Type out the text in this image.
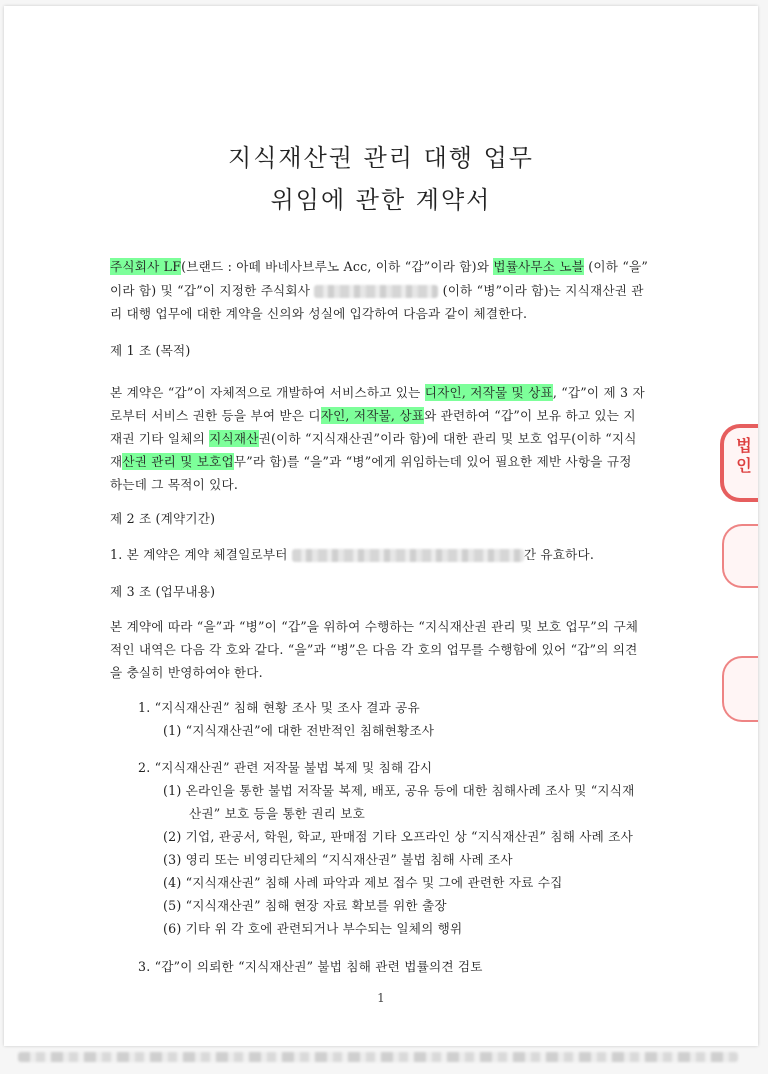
지식재산권 관리 대행 업무
위임에 관한 계약서
주식회사 LF(브랜드 : 아떼 바네사브루노 Acc, 이하 “갑”이라 함)와 법률사무소 노블 (이하 “을”
이라 함) 및 “갑”이 지정한 주식회사	(이하 “병”이라 함)는 지식재산권 관
리 대행 업무에 대한 계약을 신의와 성실에 입각하여 다음과 같이 체결한다.
제 1 조 (목적)
본 계약은 “갑”이 자체적으로 개발하여 서비스하고 있는 디자인, 저작물 및 상표, “갑”이 제 3 자
로부터 서비스 권한 등을 부여 받은 디자인, 저작물, 상표와 관련하여 “갑”이 보유 하고 있는 지
재권 기타 일체의 지식재산권(이하 “지식재산권”이라 함)에 대한 관리 및 보호 업무(이하 “지식
재산권 관리 및 보호업무”라 함)를 “을”과 “병”에게 위임하는데 있어 필요한 제반 사항을 규정
하는데 그 목적이 있다.
제 2 조 (계약기간)
1. 본 계약은 계약 체결일로부터	간 유효하다.
제 3 조 (업무내용)
본 계약에 따라 “을”과 “병”이 “갑”을 위하여 수행하는 “지식재산권 관리 및 보호 업무”의 구체
적인 내역은 다음 각 호와 같다. “을”과 “병”은 다음 각 호의 업무를 수행함에 있어 “갑”의 의견
을 충실히 반영하여야 한다.
1. “지식재산권” 침해 현황 조사 및 조사 결과 공유
(1) “지식재산권”에 대한 전반적인 침해현황조사
2. “지식재산권” 관련 저작물 불법 복제 및 침해 감시
(1) 온라인을 통한 불법 저작물 복제, 배포, 공유 등에 대한 침해사례 조사 및 “지식재
산권” 보호 등을 통한 권리 보호
(2) 기업, 관공서, 학원, 학교, 판매점 기타 오프라인 상 “지식재산권” 침해 사례 조사
(3) 영리 또는 비영리단체의 “지식재산권” 불법 침해 사례 조사
(4) “지식재산권” 침해 사례 파악과 제보 접수 및 그에 관련한 자료 수집
(5) “지식재산권” 침해 현장 자료 확보를 위한 출장
(6) 기타 위 각 호에 관련되거나 부수되는 일체의 행위
3. “갑”이 의뢰한 “지식재산권” 불법 침해 관련 법률의견 검토
1
법인
